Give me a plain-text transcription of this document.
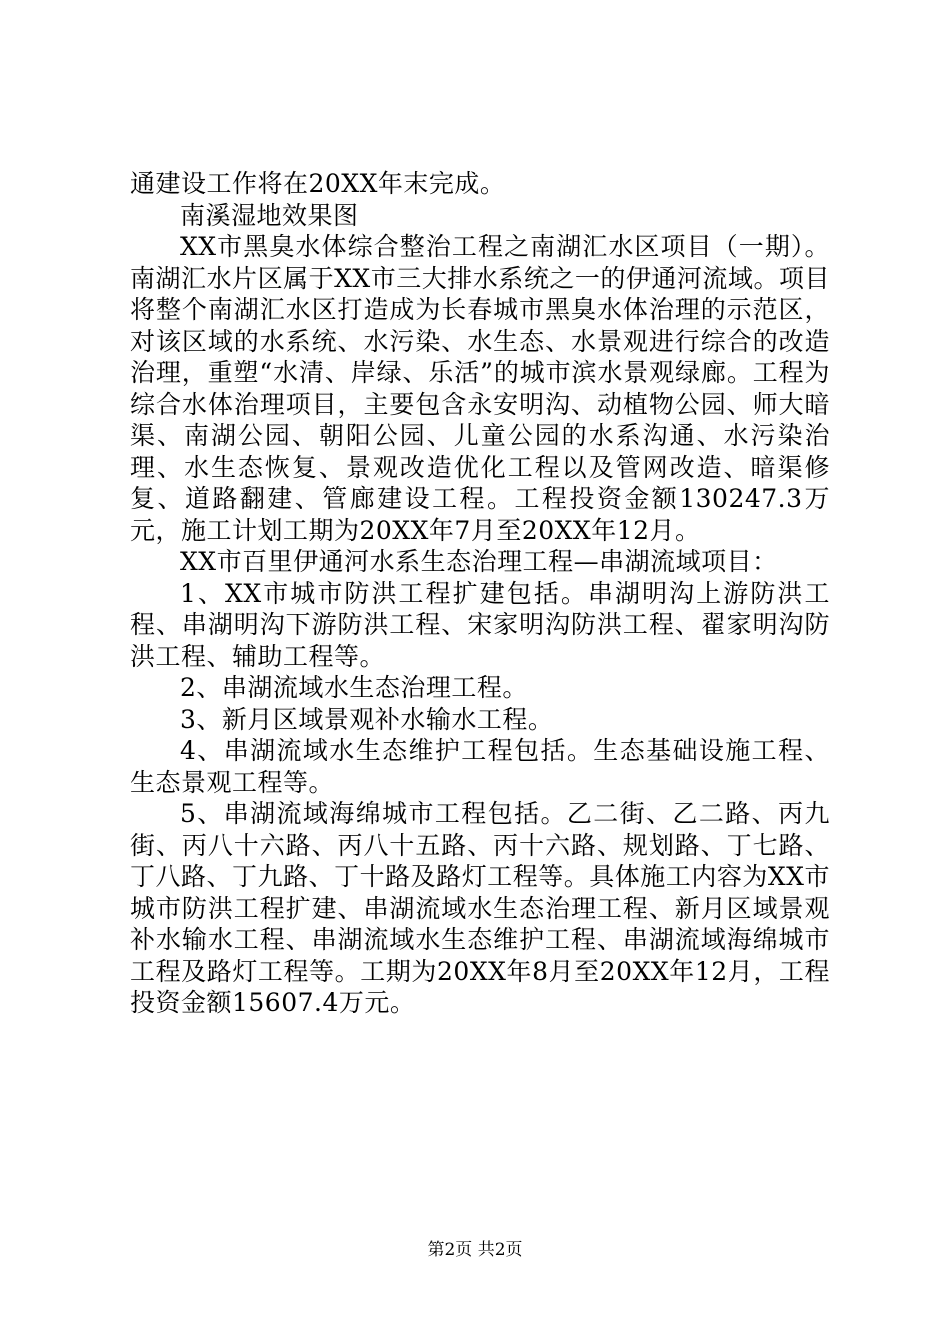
通建设工作将在20XX年末完成。

南溪湿地效果图

XX市黑臭水体综合整治工程之南湖汇水区项目（一期）。南湖汇水片区属于XX市三大排水系统之一的伊通河流域。项目将整个南湖汇水区打造成为长春城市黑臭水体治理的示范区，对该区域的水系统、水污染、水生态、水景观进行综合的改造治理，重塑“水清、岸绿、乐活”的城市滨水景观绿廊。工程为综合水体治理项目，主要包含永安明沟、动植物公园、师大暗渠、南湖公园、朝阳公园、儿童公园的水系沟通、水污染治理、水生态恢复、景观改造优化工程以及管网改造、暗渠修复、道路翻建、管廊建设工程。工程投资金额130247.3万元，施工计划工期为20XX年7月至20XX年12月。

XX市百里伊通河水系生态治理工程—串湖流域项目：

1、XX市城市防洪工程扩建包括。串湖明沟上游防洪工程、串湖明沟下游防洪工程、宋家明沟防洪工程、翟家明沟防洪工程、辅助工程等。

2、串湖流域水生态治理工程。

3、新月区域景观补水输水工程。

4、串湖流域水生态维护工程包括。生态基础设施工程、生态景观工程等。

5、串湖流域海绵城市工程包括。乙二街、乙二路、丙九街、丙八十六路、丙八十五路、丙十六路、规划路、丁七路、丁八路、丁九路、丁十路及路灯工程等。具体施工内容为XX市城市防洪工程扩建、串湖流域水生态治理工程、新月区域景观补水输水工程、串湖流域水生态维护工程、串湖流域海绵城市工程及路灯工程等。工期为20XX年8月至20XX年12月，工程投资金额15607.4万元。

第2页 共2页
